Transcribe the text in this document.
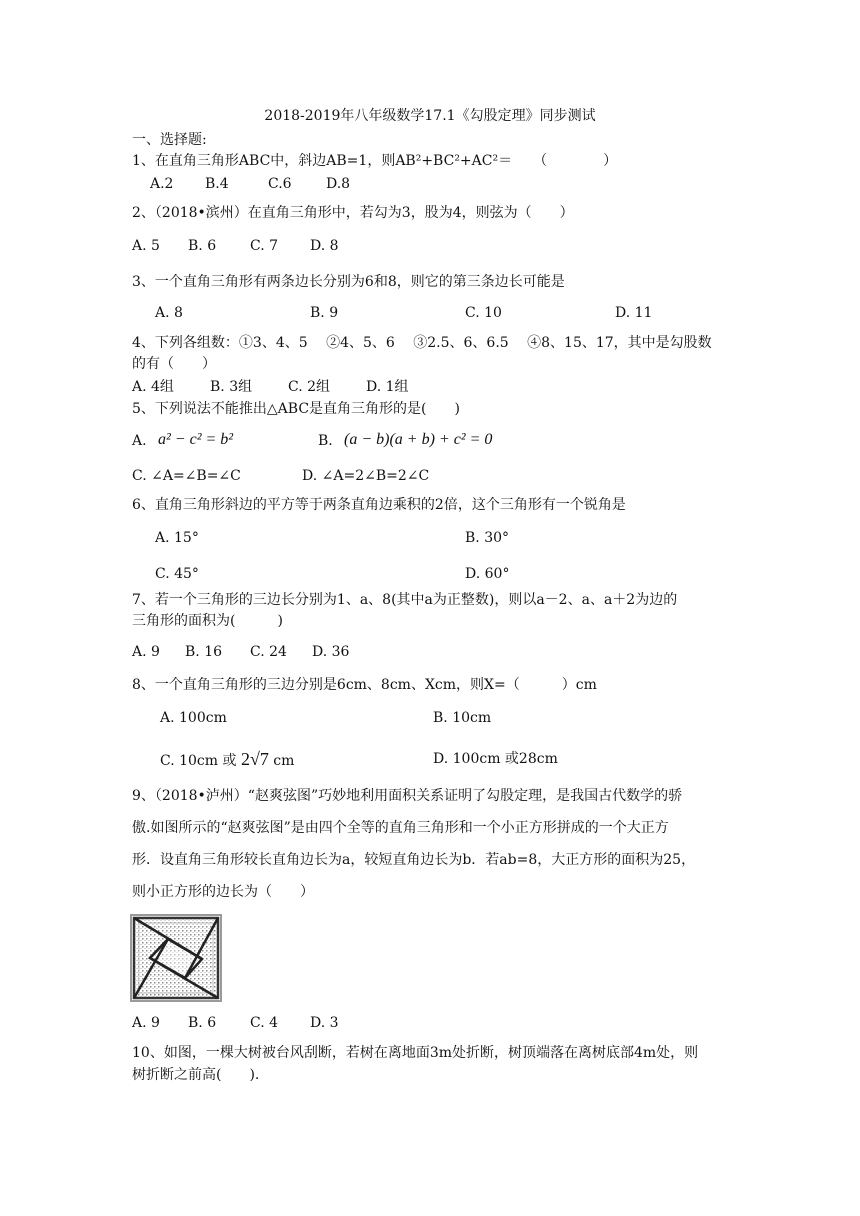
2018-2019年八年级数学17.1《勾股定理》同步测试
一、选择题:
1、在直角三角形ABC中，斜边AB=1，则AB²+BC²+AC²＝　　（　　　　）
A.2 B.4	C.6 D.8
2、（2018•滨州）在直角三角形中，若勾为3，股为4，则弦为（　　）
A. 5 B. 6 C. 7 D. 8
3、一个直角三角形有两条边长分别为6和8，则它的第三条边长可能是
A. 8	B. 9	C. 10	D. 11
4、下列各组数：①3、4、5　 ②4、5、6　 ③2.5、6、6.5　 ④8、15、17，其中是勾股数
的有（　　）
A. 4组	B. 3组	C. 2组	D. 1组
5、下列说法不能推出△ABC是直角三角形的是(　　)
A. a² − c² = b²	B. (a − b)(a + b) + c² = 0
C. ∠A=∠B=∠C	D. ∠A=2∠B=2∠C
6、直角三角形斜边的平方等于两条直角边乘积的2倍，这个三角形有一个锐角是
A. 15°	B. 30°
C. 45°	D. 60°
7、若一个三角形的三边长分别为1、a、8(其中a为正整数)，则以a－2、a、a＋2为边的
三角形的面积为(　　　)
A. 9 B. 16 C. 24 D. 36
8、一个直角三角形的三边分别是6cm、8cm、Xcm，则X=（　　　）cm
A. 100cm	B. 10cm
C. 10cm 或 2√7 cm	D. 100cm 或28cm
9、（2018•泸州）“赵爽弦图”巧妙地利用面积关系证明了勾股定理，是我国古代数学的骄
傲.如图所示的“赵爽弦图”是由四个全等的直角三角形和一个小正方形拼成的一个大正方
形．设直角三角形较长直角边长为a，较短直角边长为b．若ab=8，大正方形的面积为25，
则小正方形的边长为（　　）
A. 9 B. 6 C. 4 D. 3
10、如图，一棵大树被台风刮断，若树在离地面3m处折断，树顶端落在离树底部4m处，则
树折断之前高(　　).
